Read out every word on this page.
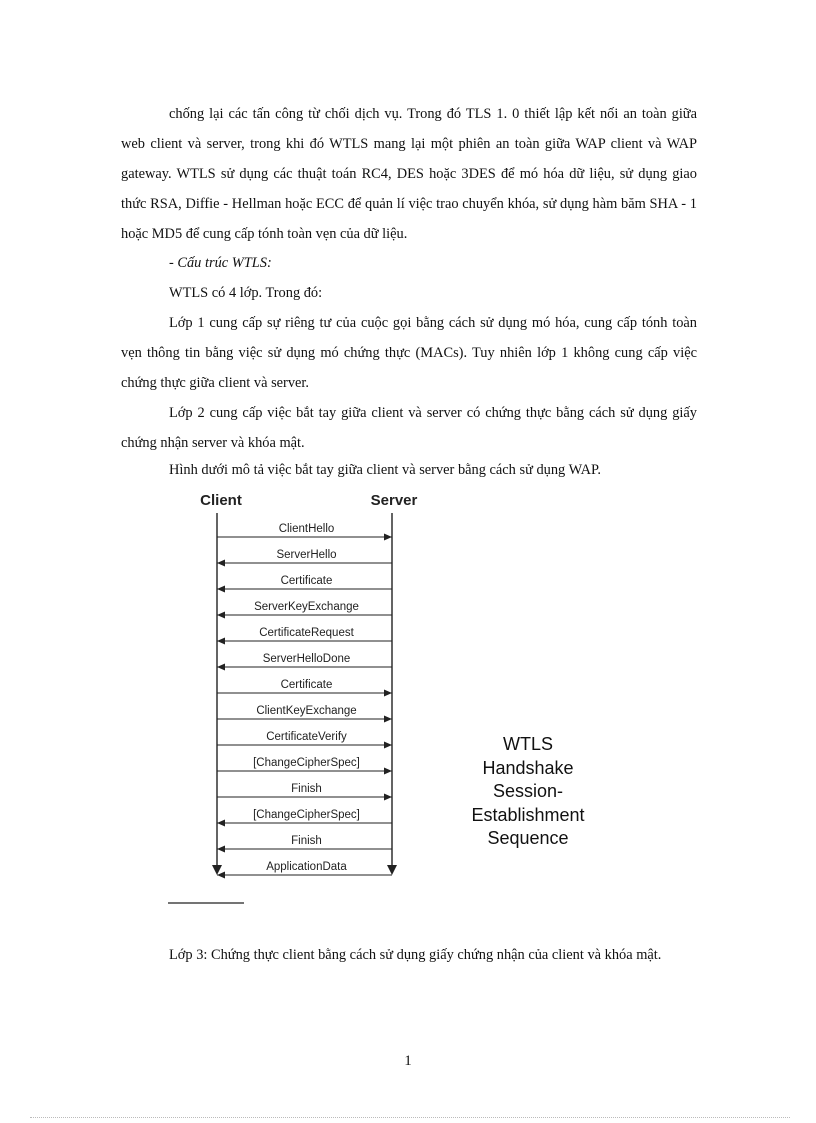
chống lại các tấn công từ chối dịch vụ. Trong đó TLS 1. 0 thiết lập kết nối an toàn giữa web client và server, trong khi đó WTLS mang lại một phiên an toàn giữa WAP client và WAP gateway. WTLS sử dụng các thuật toán RC4, DES hoặc 3DES để mó hóa dữ liệu, sử dụng giao thức RSA, Diffie - Hellman hoặc ECC để quản lí việc trao chuyển khóa, sử dụng hàm băm SHA - 1 hoặc MD5 để cung cấp tónh toàn vẹn của dữ liệu.

- Cấu trúc WTLS:

WTLS có 4 lớp. Trong đó:

Lớp 1 cung cấp sự riêng tư của cuộc gọi bằng cách sử dụng mó hóa, cung cấp tónh toàn vẹn thông tin bằng việc sử dụng mó chứng thực (MACs). Tuy nhiên lớp 1 không cung cấp việc chứng thực giữa client và server.

Lớp 2 cung cấp việc bắt tay giữa client và server có chứng thực bằng cách sử dụng giấy chứng nhận server và khóa mật.

Hình dưới mô tả việc bắt tay giữa client và server bằng cách sử dụng WAP.

Client	Server
ClientHello
ServerHello
Certificate
ServerKeyExchange
CertificateRequest
ServerHelloDone
Certificate
ClientKeyExchange
CertificateVerify
[ChangeCipherSpec]
Finish
[ChangeCipherSpec]
Finish
ApplicationData
WTLS
Handshake
Session-
Establishment
Sequence

Lớp 3: Chứng thực client bằng cách sử dụng giấy chứng nhận của client và khóa mật.

1
